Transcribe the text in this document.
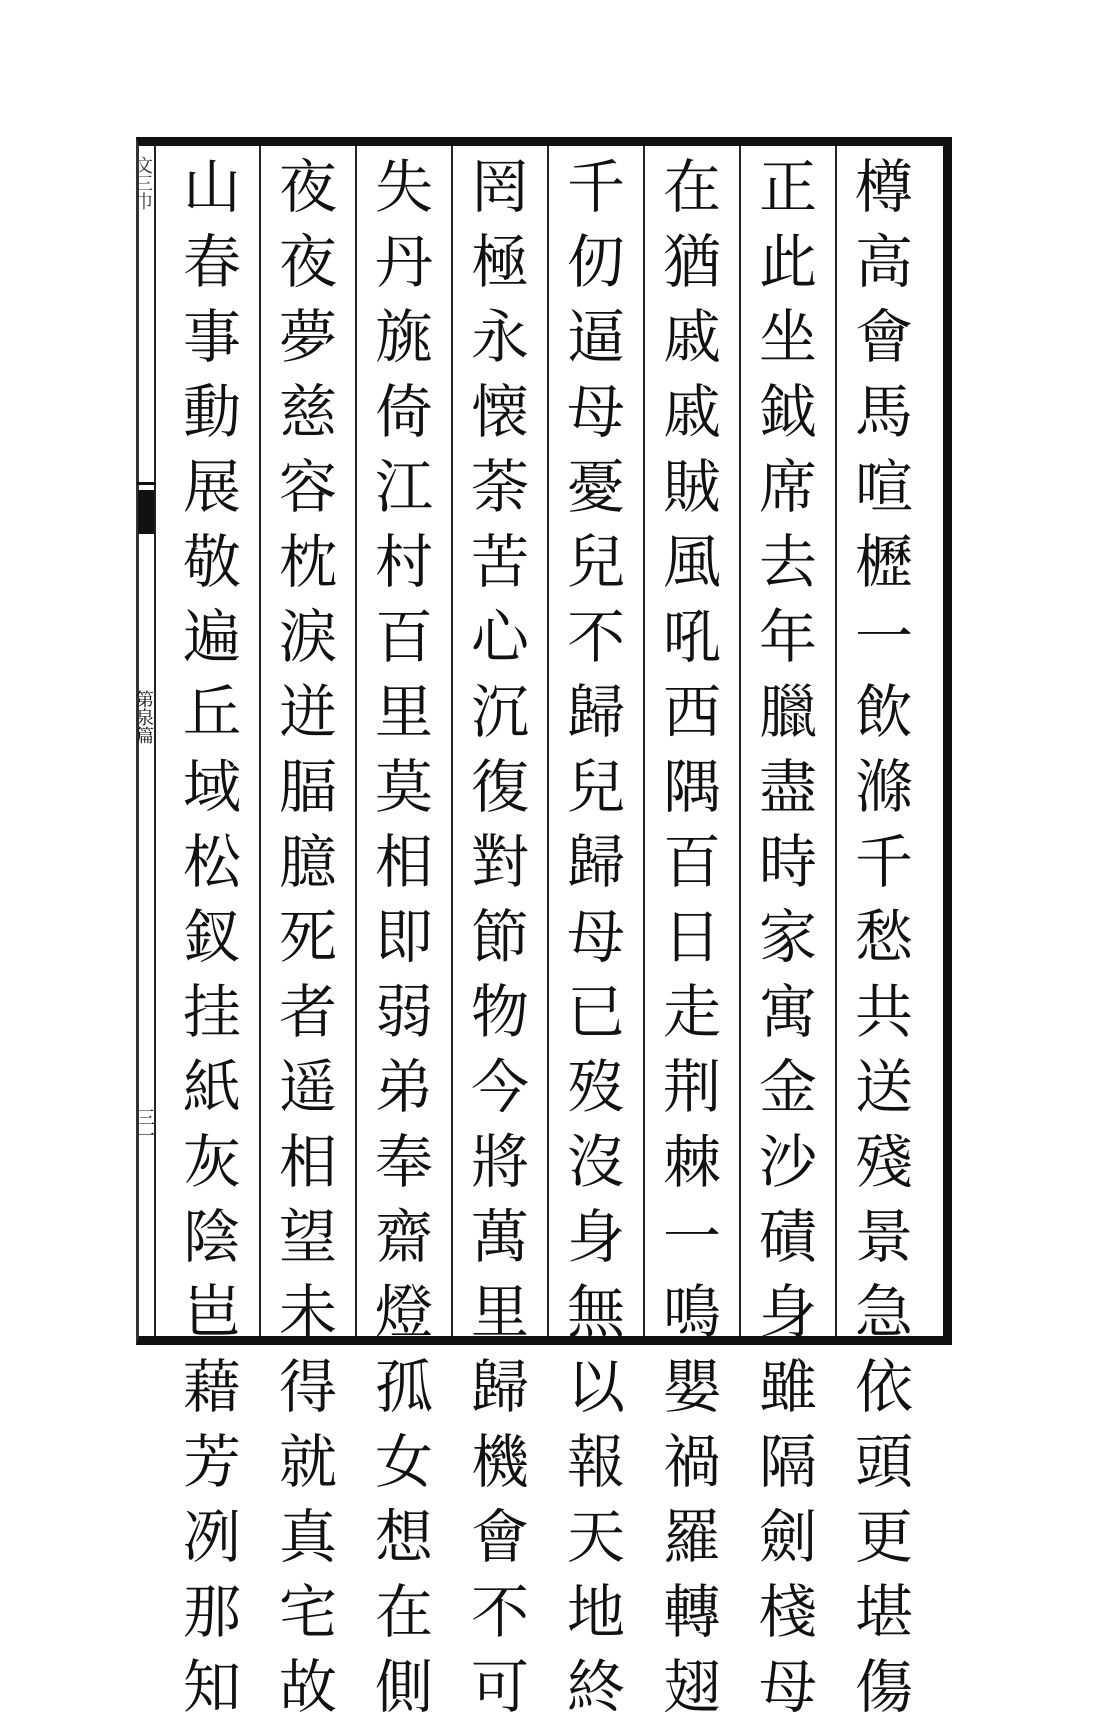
文三巾
第泉篇
三一
樽
高
會
馬
喧
櫪
一
飲
滌
千
愁
共
送
殘
景
急
依
頭
更
堪
傷
正
此
坐
鉞
席
去
年
臘
盡
時
家
寓
金
沙
磧
身
雖
隔
劍
棧
母
在
猶
戚
戚
賊
風
吼
西
隅
百
日
走
荆
棘
一
鳴
嬰
禍
羅
轉
翅
千
仞
逼
母
憂
兒
不
歸
兒
歸
母
已
歿
沒
身
無
以
報
天
地
終
罔
極
永
懐
荼
苦
心
沉
復
對
節
物
今
將
萬
里
歸
機
會
不
可
失
丹
旐
倚
江
村
百
里
莫
相
即
弱
弟
奉
齋
燈
孤
女
想
在
側
夜
夜
夢
慈
容
枕
淚
迸
腷
臆
死
者
遥
相
望
未
得
就
真
宅
故
山
春
事
動
展
敬
遍
丘
域
松
釵
挂
紙
灰
陰
岜
藉
芳
冽
那
知
